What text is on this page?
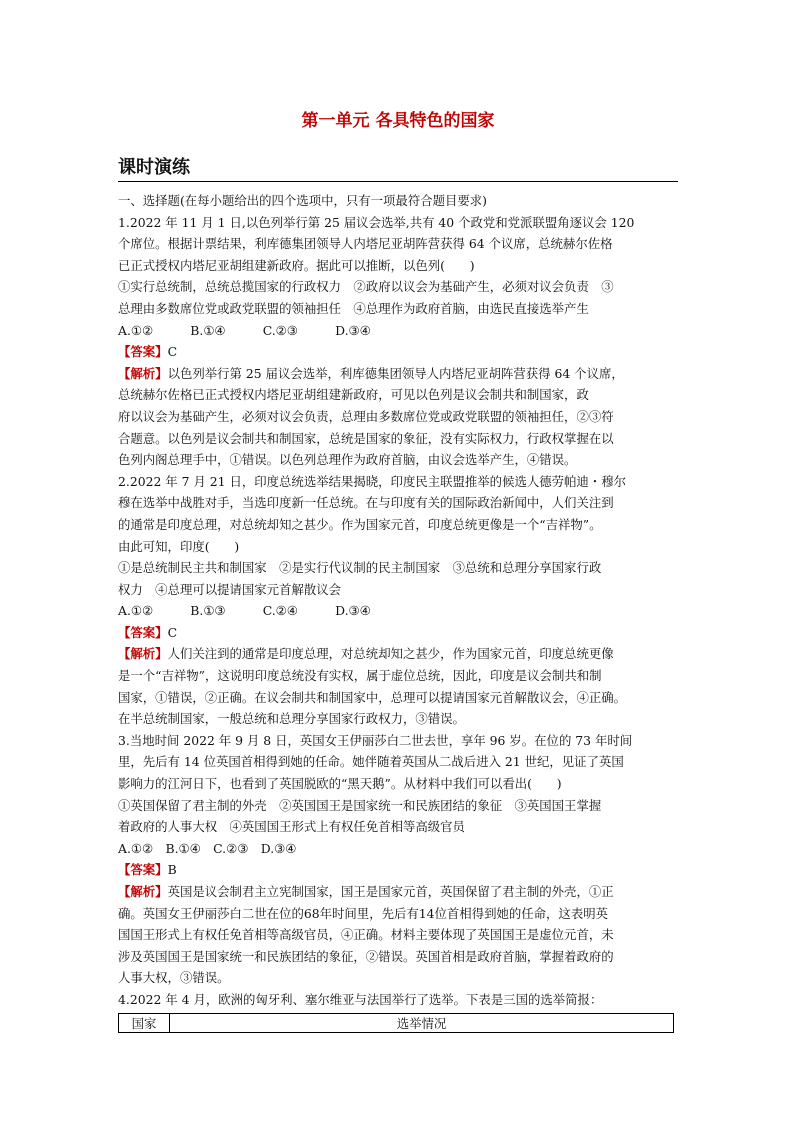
第一单元 各具特色的国家
课时演练

一、选择题(在每小题给出的四个选项中，只有一项最符合题目要求)

1.2022 年 11 月 1 日,以色列举行第 25 届议会选举,共有 40 个政党和党派联盟角逐议会 120

个席位。根据计票结果，利库德集团领导人内塔尼亚胡阵营获得 64 个议席，总统赫尔佐格

已正式授权内塔尼亚胡组建新政府。据此可以推断，以色列(　　)

①实行总统制，总统总揽国家的行政权力　②政府以议会为基础产生，必须对议会负责　③

总理由多数席位党或政党联盟的领袖担任　④总理作为政府首脑，由选民直接选举产生

A.①②　　　B.①④　　　C.②③　　　D.③④

【答案】C

【解析】以色列举行第 25 届议会选举，利库德集团领导人内塔尼亚胡阵营获得 64 个议席，

总统赫尔佐格已正式授权内塔尼亚胡组建新政府，可见以色列是议会制共和制国家，政

府以议会为基础产生，必须对议会负责，总理由多数席位党或政党联盟的领袖担任，②③符

合题意。以色列是议会制共和制国家，总统是国家的象征，没有实际权力，行政权掌握在以

色列内阁总理手中，①错误。以色列总理作为政府首脑，由议会选举产生，④错误。

2.2022 年 7 月 21 日，印度总统选举结果揭晓，印度民主联盟推举的候选人德劳帕迪・穆尔

穆在选举中战胜对手，当选印度新一任总统。在与印度有关的国际政治新闻中，人们关注到

的通常是印度总理，对总统却知之甚少。作为国家元首，印度总统更像是一个“吉祥物”。

由此可知，印度(　　)

①是总统制民主共和制国家　②是实行代议制的民主制国家　③总统和总理分享国家行政

权力　④总理可以提请国家元首解散议会

A.①②　　　B.①③　　　C.②④　　　D.③④

【答案】C

【解析】人们关注到的通常是印度总理，对总统却知之甚少，作为国家元首，印度总统更像

是一个“吉祥物”，这说明印度总统没有实权，属于虚位总统，因此，印度是议会制共和制

国家，①错误，②正确。在议会制共和制国家中，总理可以提请国家元首解散议会，④正确。

在半总统制国家，一般总统和总理分享国家行政权力，③错误。

3.当地时间 2022 年 9 月 8 日，英国女王伊丽莎白二世去世，享年 96 岁。在位的 73 年时间

里，先后有 14 位英国首相得到她的任命。她伴随着英国从二战后进入 21 世纪，见证了英国

影响力的江河日下，也看到了英国脱欧的“黑天鹅”。从材料中我们可以看出(　　)

①英国保留了君主制的外壳　②英国国王是国家统一和民族团结的象征　③英国国王掌握

着政府的人事大权　④英国国王形式上有权任免首相等高级官员

A.①②　B.①④　C.②③　D.③④

【答案】B

【解析】英国是议会制君主立宪制国家，国王是国家元首，英国保留了君主制的外壳，①正

确。英国女王伊丽莎白二世在位的68年时间里，先后有14位首相得到她的任命，这表明英

国国王形式上有权任免首相等高级官员，④正确。材料主要体现了英国国王是虚位元首，未

涉及英国国王是国家统一和民族团结的象征，②错误。英国首相是政府首脑，掌握着政府的

人事大权，③错误。

4.2022 年 4 月，欧洲的匈牙利、塞尔维亚与法国举行了选举。下表是三国的选举简报：

国家	选举情况
